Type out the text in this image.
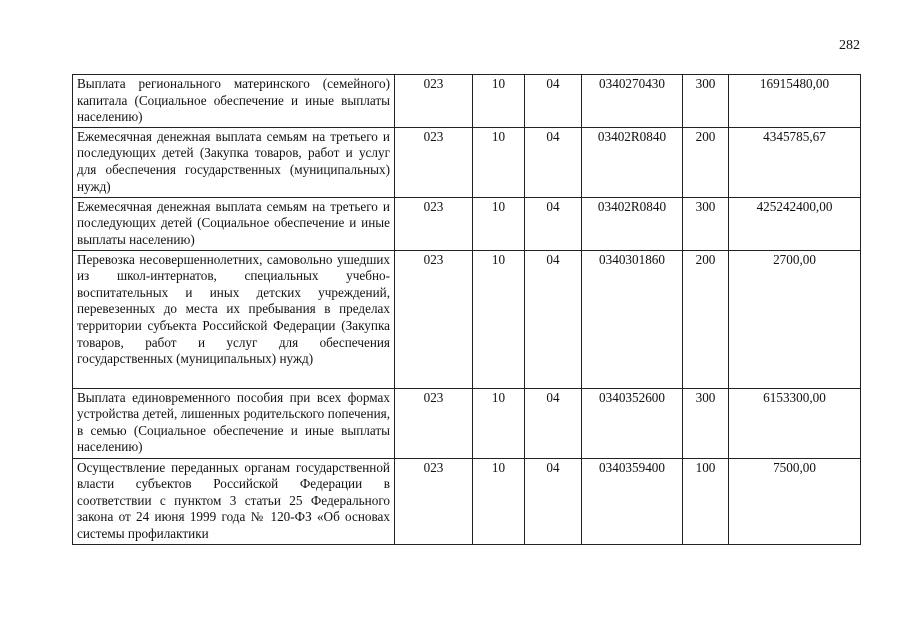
282
Выплата регионального материнского (семейного) капитала (Социальное обеспечение и иные выплаты населению)	023	10	04	0340270430	300	16915480,00
Ежемесячная денежная выплата семьям на третьего и последующих детей (Закупка товаров, работ и услуг для обеспечения государственных (муниципальных) нужд)	023	10	04	03402R0840	200	4345785,67
Ежемесячная денежная выплата семьям на третьего и последующих детей (Социальное обеспечение и иные выплаты населению)	023	10	04	03402R0840	300	425242400,00
Перевозка несовершеннолетних, самовольно ушедших из школ-интернатов, специальных учебно-воспитательных и иных детских учреждений, перевезенных до места их пребывания в пределах территории субъекта Российской Федерации (Закупка товаров, работ и услуг для обеспечения государственных (муниципальных) нужд)	023	10	04	0340301860	200	2700,00
Выплата единовременного пособия при всех формах устройства детей, лишенных родительского попечения, в семью (Социальное обеспечение и иные выплаты населению)	023	10	04	0340352600	300	6153300,00
Осуществление переданных органам государственной власти субъектов Российской Федерации в соответствии с пунктом 3 статьи 25 Федерального закона от 24 июня 1999 года № 120-ФЗ «Об основах системы профилактики	023	10	04	0340359400	100	7500,00
